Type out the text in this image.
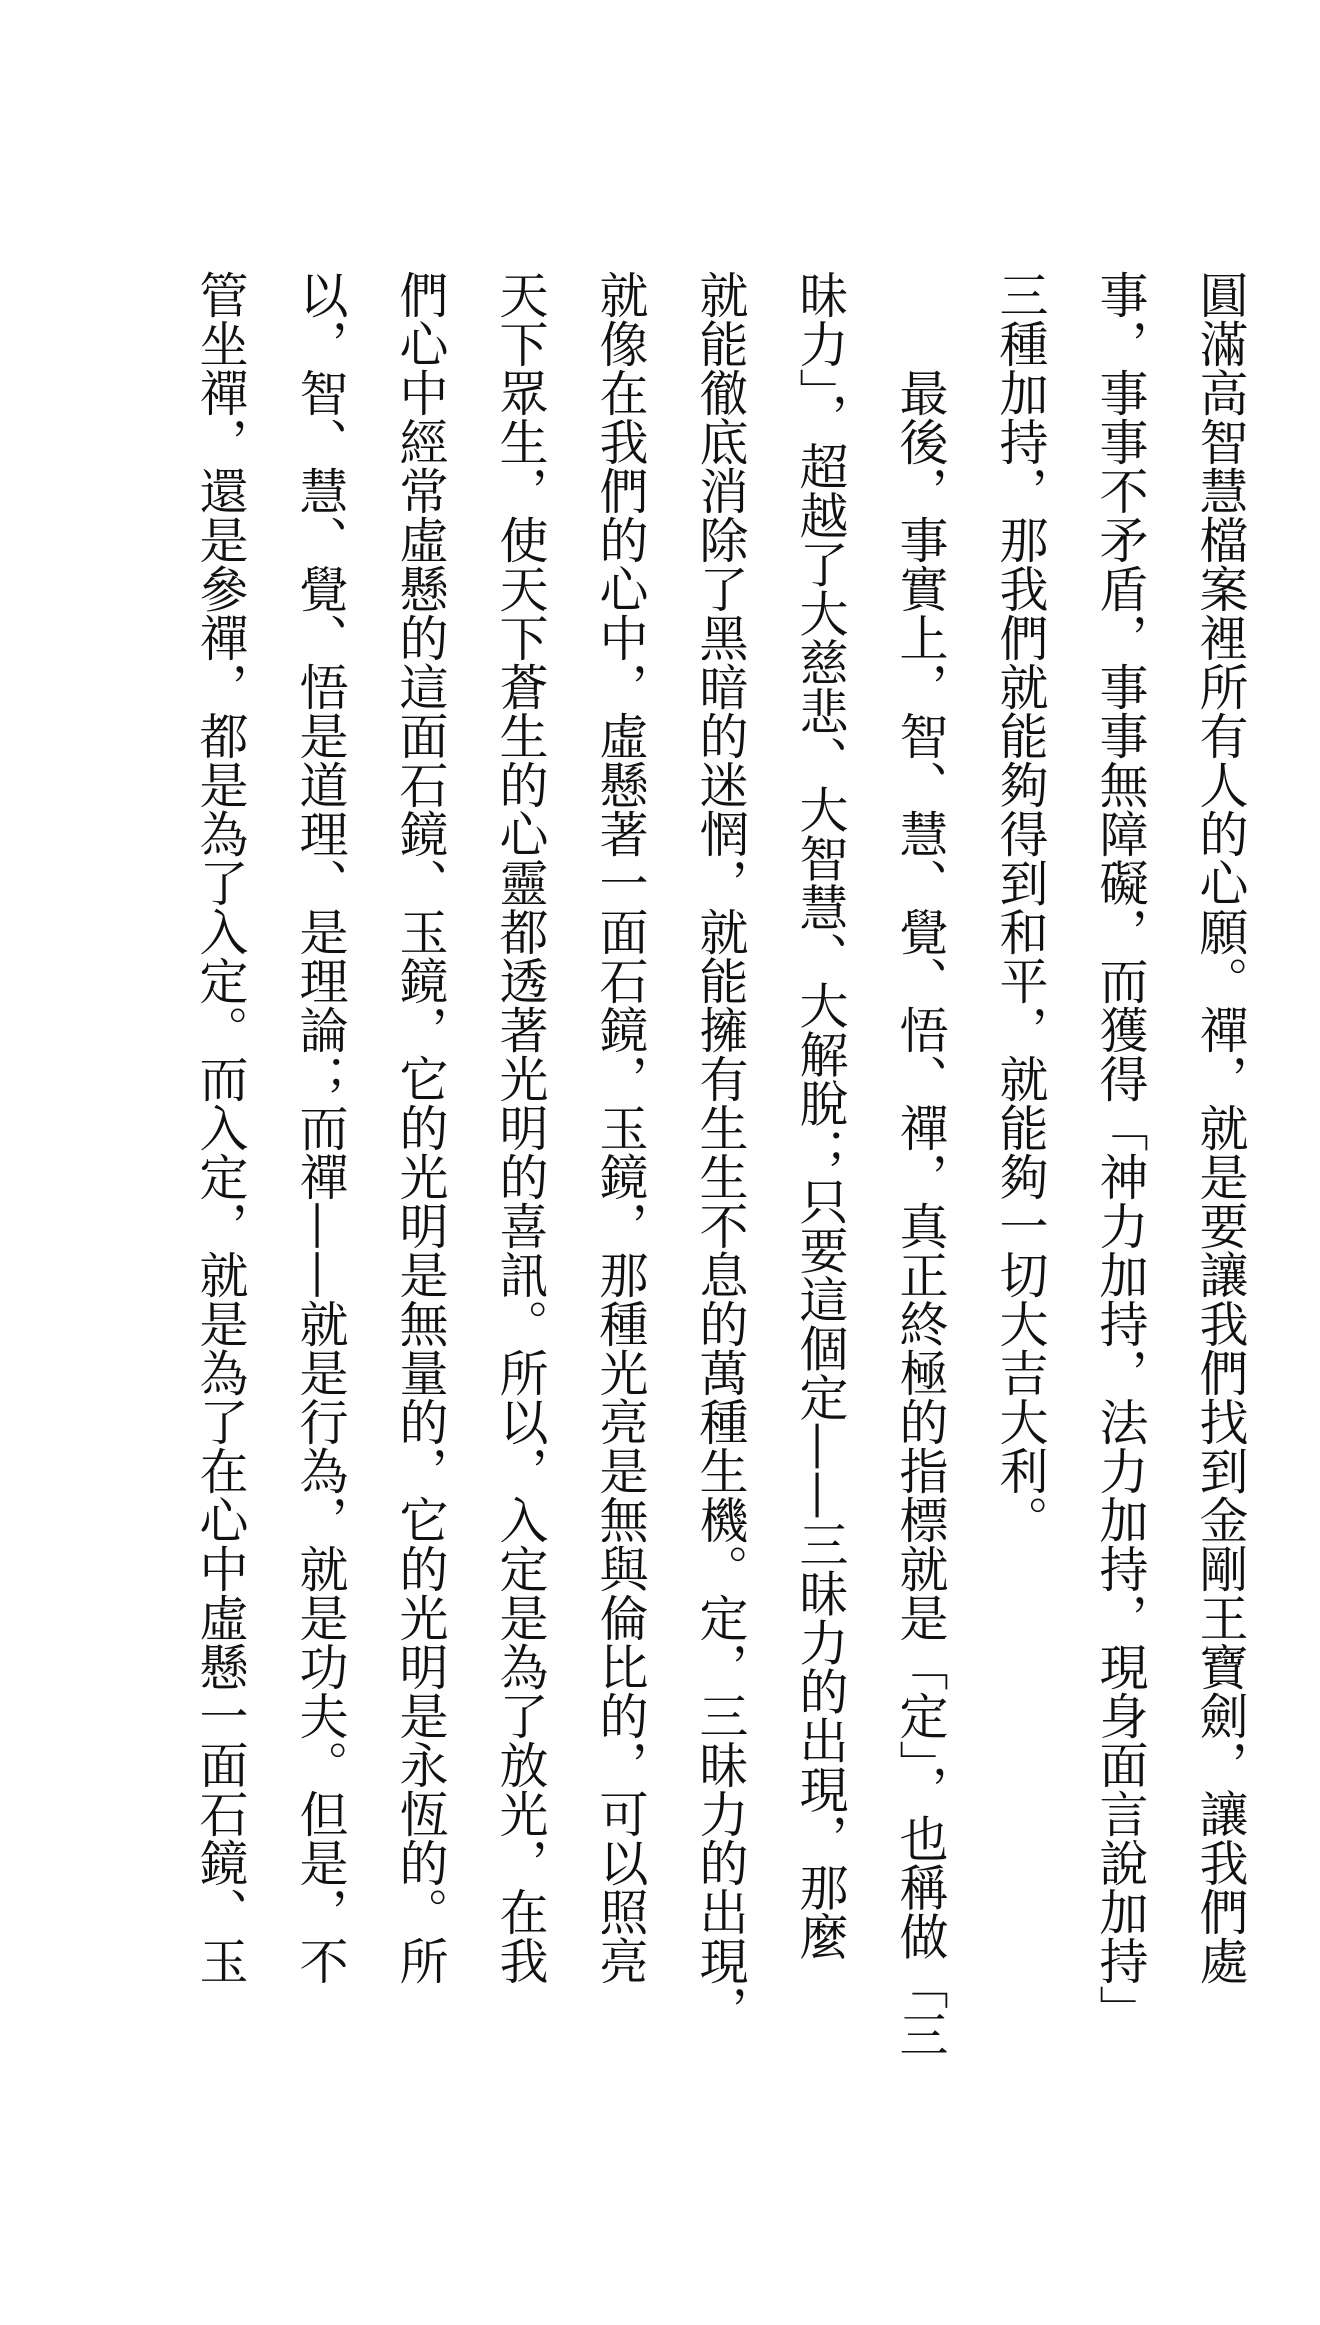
圓滿高智慧檔案裡所有人的心願。禪，就是要讓我們找到金剛王寶劍，讓我們處
事，事事不矛盾，事事無障礙，而獲得「神力加持，法力加持，現身面言說加持」
三種加持，那我們就能夠得到和平，就能夠一切大吉大利。
最後，事實上，智、慧、覺、悟、禪，真正終極的指標就是「定」，也稱做「三
昧力」，超越了大慈悲、大智慧、大解脫；只要這個定——三昧力的出現，那麼
就能徹底消除了黑暗的迷惘，就能擁有生生不息的萬種生機。定，三昧力的出現，
就像在我們的心中，虛懸著一面石鏡，玉鏡，那種光亮是無與倫比的，可以照亮
天下眾生，使天下蒼生的心靈都透著光明的喜訊。所以，入定是為了放光，在我
們心中經常虛懸的這面石鏡、玉鏡，它的光明是無量的，它的光明是永恆的。所
以，智、慧、覺、悟是道理、是理論；而禪——就是行為，就是功夫。但是，不
管坐禪，還是參禪，都是為了入定。而入定，就是為了在心中虛懸一面石鏡、玉
